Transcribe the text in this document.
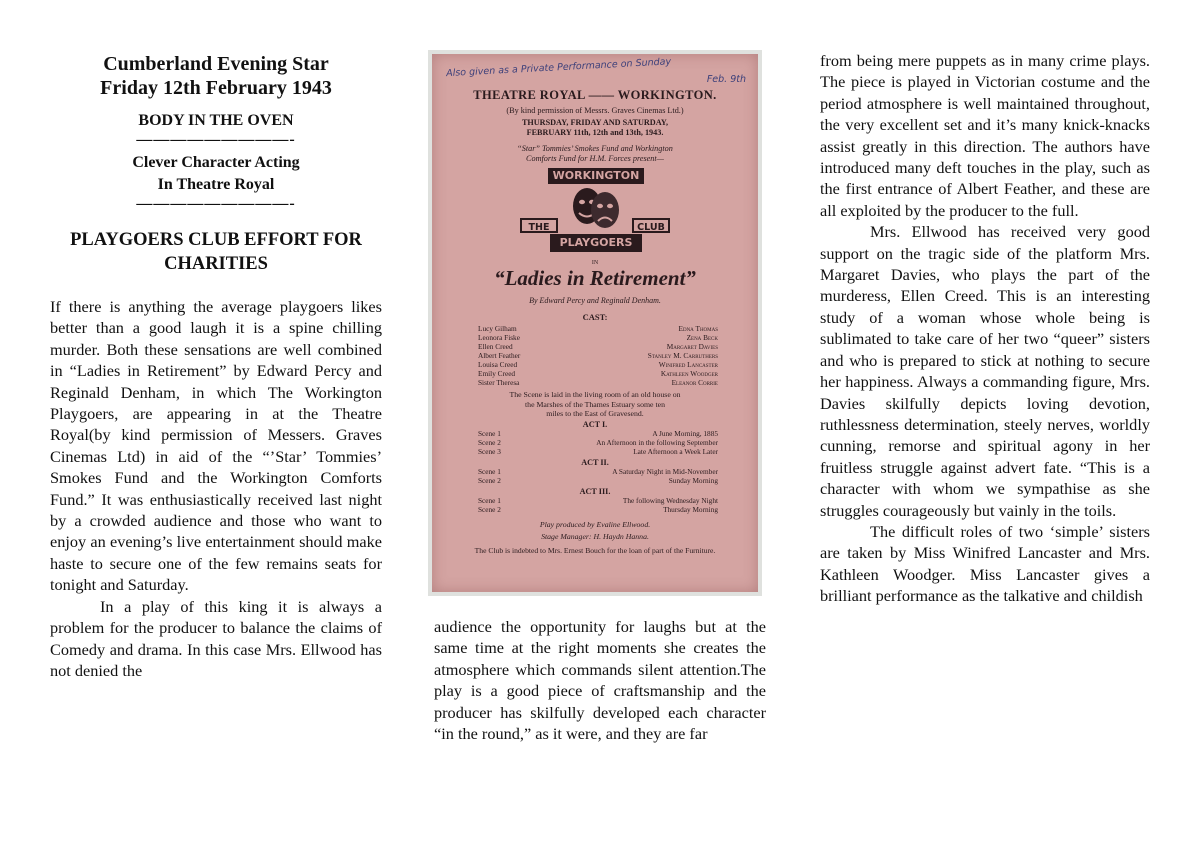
Cumberland Evening Star
Friday 12th February 1943
BODY IN THE OVEN
—————————-
Clever Character Acting
In Theatre Royal
—————————-
PLAYGOERS CLUB EFFORT FOR CHARITIES

If there is anything the average playgoers likes better than a good laugh it is a spine chilling murder. Both these sensations are well combined in “Ladies in Retirement” by Edward Percy and Reginald Denham, in which The Workington Playgoers, are appearing in at the Theatre Royal(by kind permission of Messers. Graves Cinemas Ltd) in aid of the “’Star’ Tommies’ Smokes Fund and the Workington Comforts Fund.” It was enthusiastically received last night by a crowded audience and those who want to enjoy an evening’s live entertainment should make haste to secure one of the few remains seats for tonight and Saturday.

In a play of this king it is always a problem for the producer to balance the claims of Comedy and drama. In this case Mrs. Ellwood has not denied the

Also given as a Private Performance on Sunday
Feb. 9th
THEATRE ROYAL —— WORKINGTON.
(By kind permission of Messrs. Graves Cinemas Ltd.)
THURSDAY, FRIDAY AND SATURDAY,
FEBRUARY 11th, 12th and 13th, 1943.
“Star” Tommies’ Smokes Fund and Workington
Comforts Fund for H.M. Forces present—
WORKINGTON
THE	CLUB
PLAYGOERS
IN
“Ladies in Retirement”
By Edward Percy and Reginald Denham.
CAST:
Lucy Gilham	Edna Thomas
Leonora Fiske	Zena Beck
Ellen Creed	Margaret Davies
Albert Feather	Stanley M. Carruthers
Louisa Creed	Winifred Lancaster
Emily Creed	Kathleen Woodger
Sister Theresa	Eleanor Corrie
The Scene is laid in the living room of an old house on
the Marshes of the Thames Estuary some ten
miles to the East of Gravesend.
ACT I.
Scene 1	A June Morning, 1885
Scene 2	An Afternoon in the following September
Scene 3	Late Afternoon a Week Later
ACT II.
Scene 1	A Saturday Night in Mid-November
Scene 2	Sunday Morning
ACT III.
Scene 1	The following Wednesday Night
Scene 2	Thursday Morning
Play produced by Evaline Ellwood.
Stage Manager: H. Haydn Hanna.
The Club is indebted to Mrs. Ernest Bouch for the loan of part of the Furniture.

audience the opportunity for laughs but at the same time at the right moments she creates the atmosphere which commands silent attention.The play is a good piece of craftsmanship and the producer has skilfully developed each character “in the round,” as it were, and they are far

from being mere puppets as in many crime plays. The piece is played in Victorian costume and the period atmosphere is well maintained throughout, the very excellent set and it’s many knick-knacks assist greatly in this direction. The authors have introduced many deft touches in the play, such as the first entrance of Albert Feather, and these are all exploited by the producer to the full.

Mrs. Ellwood has received very good support on the tragic side of the platform Mrs. Margaret Davies, who plays the part of the murderess, Ellen Creed. This is an interesting study of a woman whose whole being is sublimated to take care of her two “queer” sisters and who is prepared to stick at nothing to secure her happiness. Always a commanding figure, Mrs. Davies skilfully depicts loving devotion, ruthlessness determination, steely nerves, worldly cunning, remorse and spiritual agony in her fruitless struggle against advert fate. “This is a character with whom we sympathise as she struggles courageously but vainly in the toils.

The difficult roles of two ‘simple’ sisters are taken by Miss Winifred Lancaster and Mrs. Kathleen Woodger. Miss Lancaster gives a brilliant performance as the talkative and childish
